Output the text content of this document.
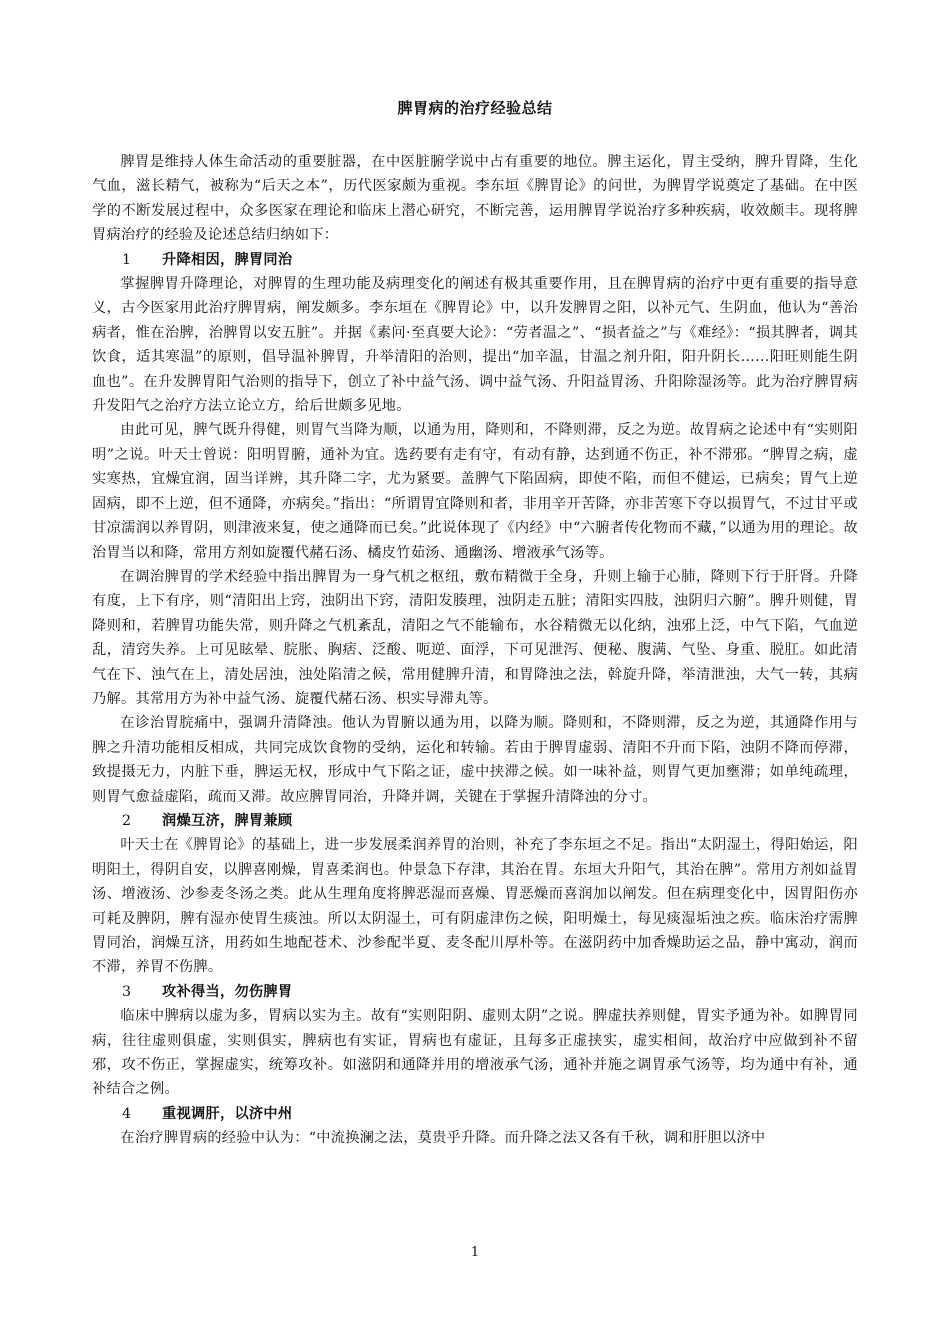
脾胃病的治疗经验总结

脾胃是维持人体生命活动的重要脏器，在中医脏腑学说中占有重要的地位。脾主运化，胃主受纳，脾升胃降，生化气血，滋长精气，被称为“后天之本”，历代医家颇为重视。李东垣《脾胃论》的问世，为脾胃学说奠定了基础。在中医学的不断发展过程中，众多医家在理论和临床上潜心研究，不断完善，运用脾胃学说治疗多种疾病，收效颇丰。现将脾胃病治疗的经验及论述总结归纳如下：

1 升降相因，脾胃同治

掌握脾胃升降理论，对脾胃的生理功能及病理变化的阐述有极其重要作用，且在脾胃病的治疗中更有重要的指导意义，古今医家用此治疗脾胃病，阐发颇多。李东垣在《脾胃论》中，以升发脾胃之阳，以补元气、生阴血，他认为“善治病者，惟在治脾，治脾胃以安五脏”。并据《素问·至真要大论》：“劳者温之”、“损者益之”与《难经》：“损其脾者，调其饮食，适其寒温”的原则，倡导温补脾胃，升举清阳的治则，提出“加辛温，甘温之剂升阳，阳升阴长……阳旺则能生阴血也”。在升发脾胃阳气治则的指导下，创立了补中益气汤、调中益气汤、升阳益胃汤、升阳除湿汤等。此为治疗脾胃病升发阳气之治疗方法立论立方，给后世颇多见地。

由此可见，脾气既升得健，则胃气当降为顺，以通为用，降则和，不降则滞，反之为逆。故胃病之论述中有“实则阳明”之说。叶天士曾说：阳明胃腑，通补为宜。选药要有走有守，有动有静，达到通不伤正，补不滞邪。“脾胃之病，虚实寒热，宜燥宜润，固当详辨，其升降二字，尤为紧要。盖脾气下陷固病，即使不陷，而但不健运，已病矣；胃气上逆固病，即不上逆，但不通降，亦病矣。”指出：“所谓胃宜降则和者，非用辛开苦降，亦非苦寒下夺以损胃气，不过甘平或甘凉濡润以养胃阴，则津液来复，使之通降而已矣。”此说体现了《内经》中“六腑者传化物而不藏，”以通为用的理论。故治胃当以和降，常用方剂如旋覆代赭石汤、橘皮竹茹汤、通幽汤、增液承气汤等。

在调治脾胃的学术经验中指出脾胃为一身气机之枢纽，敷布精微于全身，升则上输于心肺，降则下行于肝肾。升降有度，上下有序，则“清阳出上窍，浊阴出下窍，清阳发腠理，浊阴走五脏；清阳实四肢，浊阴归六腑”。脾升则健，胃降则和，若脾胃功能失常，则升降之气机紊乱，清阳之气不能输布，水谷精微无以化纳，浊邪上泛，中气下陷，气血逆乱，清窍失养。上可见眩晕、脘胀、胸痞、泛酸、呃逆、面浮，下可见泄泻、便秘、腹满、气坠、身重、脱肛。如此清气在下、浊气在上，清处居浊，浊处陷清之候，常用健脾升清，和胃降浊之法，斡旋升降，举清泄浊，大气一转，其病乃解。其常用方为补中益气汤、旋覆代赭石汤、枳实导滞丸等。

在诊治胃脘痛中，强调升清降浊。他认为胃腑以通为用，以降为顺。降则和，不降则滞，反之为逆，其通降作用与脾之升清功能相反相成，共同完成饮食物的受纳，运化和转输。若由于脾胃虚弱、清阳不升而下陷，浊阴不降而停滞，致提摄无力，内脏下垂，脾运无权，形成中气下陷之证，虚中挟滞之候。如一味补益，则胃气更加壅滞；如单纯疏理，则胃气愈益虚陷，疏而又滞。故应脾胃同治，升降并调，关键在于掌握升清降浊的分寸。

2 润燥互济，脾胃兼顾

叶天士在《脾胃论》的基础上，进一步发展柔润养胃的治则，补充了李东垣之不足。指出“太阴湿土，得阳始运，阳明阳土，得阴自安，以脾喜刚燥，胃喜柔润也。仲景急下存津，其治在胃。东垣大升阳气，其治在脾”。常用方剂如益胃汤、增液汤、沙参麦冬汤之类。此从生理角度将脾恶湿而喜燥、胃恶燥而喜润加以阐发。但在病理变化中，因胃阳伤亦可耗及脾阴，脾有湿亦使胃生痰浊。所以太阴湿土，可有阴虚津伤之候，阳明燥土，每见痰湿垢浊之疾。临床治疗需脾胃同治，润燥互济，用药如生地配苍术、沙参配半夏、麦冬配川厚朴等。在滋阴药中加香燥助运之品，静中寓动，润而不滞，养胃不伤脾。

3 攻补得当，勿伤脾胃

临床中脾病以虚为多，胃病以实为主。故有“实则阳阴、虚则太阴”之说。脾虚扶养则健，胃实予通为补。如脾胃同病，往往虚则俱虚，实则俱实，脾病也有实证，胃病也有虚证，且每多正虚挟实，虚实相间，故治疗中应做到补不留邪，攻不伤正，掌握虚实，统筹攻补。如滋阴和通降并用的增液承气汤，通补并施之调胃承气汤等，均为通中有补，通补结合之例。

4 重视调肝，以济中州

在治疗脾胃病的经验中认为：“中流换澜之法，莫贵乎升降。而升降之法又各有千秋，调和肝胆以济中

1
